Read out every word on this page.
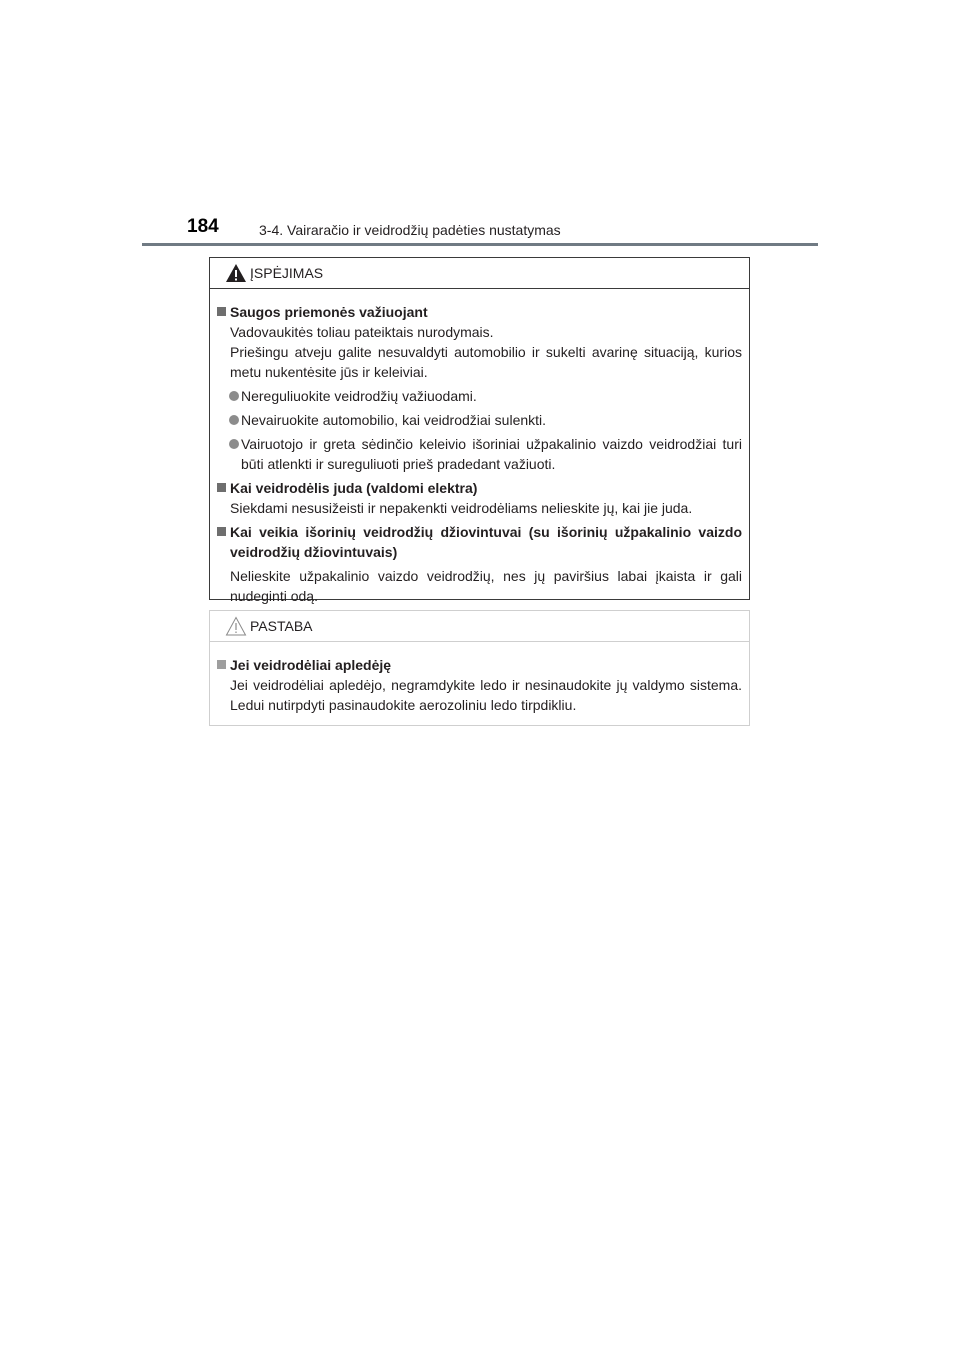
184	3-4. Vairaračio ir veidrodžių padėties nustatymas
ĮSPĖJIMAS
Saugos priemonės važiuojant
Vadovaukitės toliau pateiktais nurodymais.
Priešingu atveju galite nesuvaldyti automobilio ir sukelti avarinę situaciją, kurios metu nukentėsite jūs ir keleiviai.
Nereguliuokite veidrodžių važiuodami.
Nevairuokite automobilio, kai veidrodžiai sulenkti.
Vairuotojo ir greta sėdinčio keleivio išoriniai užpakalinio vaizdo veidrodžiai turi būti atlenkti ir sureguliuoti prieš pradedant važiuoti.
Kai veidrodėlis juda (valdomi elektra)
Siekdami nesusižeisti ir nepakenkti veidrodėliams nelieskite jų, kai jie juda.
Kai veikia išorinių veidrodžių džiovintuvai (su išorinių užpakalinio vaizdo veidrodžių džiovintuvais)
Nelieskite užpakalinio vaizdo veidrodžių, nes jų paviršius labai įkaista ir gali nudeginti odą.
PASTABA
Jei veidrodėliai apledėję
Jei veidrodėliai apledėjo, negramdykite ledo ir nesinaudokite jų valdymo sistema. Ledui nutirpdyti pasinaudokite aerozoliniu ledo tirpdikliu.
